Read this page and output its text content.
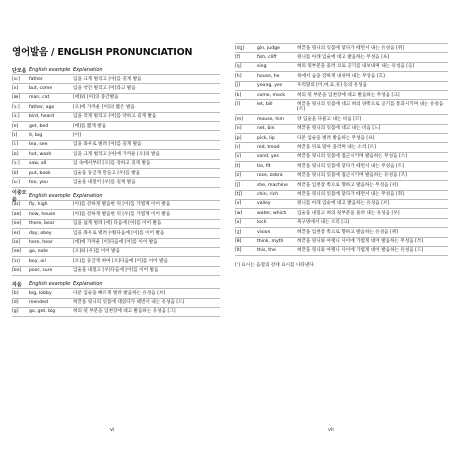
영어발음 / ENGLISH PRONUNCIATION
단모음 English example Explanation
[ɑː]	father	입을 크게 벌리고 [아]를 길게 발음
[ʌ]	but, come	입을 약간 벌리고 [어]라고 발음
[æ]	man, cat	[애]와 [아]의 중간발음
[ɔː]	father, ago	[으]에 가까운 [어]의 짧은 발음
[ɜː]	bird, heard	입을 작게 벌리고 [어]를 약하고 길게 발음
[e]	get, bed	[에]를 짧게 발음
[ɪ]	it, big	[이]
[iː]	tea, see	입을 좌우로 벌려 [이]를 길게 발음
[ɒ]	hot, wash	입을 크게 벌리고 [아]에 가까운 [오]의 발음
[ɔː]	saw, all	입 속에서부터 [오]를 강하고 길게 발음
[ʊ]	put, book	입술을 둥글게 만들고 [우]를 발음
[uː]	too, you	입술을 내밀어 [우]를 길게 발음
이중모음
English example Explanation
[aɪ]	fly, high	[아]를 강하게 발음한 뒤 [이]를 가볍게 이어 발음
[aʊ]	how, house	[아]를 강하게 발음한 뒤 [우]를 가볍게 이어 발음
[eə]	there, bear	입을 넓게 벌려 [에] 다음에 [어]를 이어 발음
[eɪ]	day, obey	입을 좌우로 벌려 [에]다음에 [이]를 이어 발음
[ɪə]	here, hear	[에]에 가까운 [이]다음에 [어]를 이어 발음
[əʊ]	go, note	[오]와 [우]를 이어 발음
[ɔɪ]	boy, oil	[오]를 둥글게 하여 [오]다음에 [이]를 이어 발음
[ʊə]	poor, sure	입술을 내밀고 [우]다음에 [어]를 이어 발음
자음	English example Explanation
[b]	big, lobby	다문 입술을 빠르게 벌려 발음하는 유성음 [브]
[d]	mended	혀끝을 윗니의 잇몸에 대었다가 떼면서 내는 유성음 [드]
[g]	go, get, big	혀의 뒷 부분을 입천장에 대고 발음하는 유성음 [그]
vi
[dʒ]	gin, judge	혀끝을 윗니의 잇몸에 닿다가 떼면서 내는 유성음 [쥐]
[f]	fish, cliff	윗니를 아래 입술에 대고 발음하는 무성음 [프]
[ŋ]	sing	혀의 뒷부분을 올려 코로 공기를 내보내며 내는 유성음 [응]
[h]	house, he	목에서 숨을 강하게 내쉬며 내는 무성음 [흐]
[j]	young, yes	우리말의 [이,여,요,유] 등의 유성음
[k]	come, mock	혀의 뒷 부분을 입천장에 대고 발음하는 무성음 [크]
[l]	let, bill	혀끝을 윗니의 잇몸에 대고 혀의 양쪽으로 공기를 통과시키며 내는 유성음 [르]
[m]	mouse, him	양 입술을 다물고 내는 비음 [므]
[n]	net, bin	혀끝을 윗니의 잇몸에 대고 내는 비음 [느]
[p]	pick, lip	다문 입술을 벌려 발음하는 무성음 [프]
[r]	red, tread	혀끝을 뒤로 말아 올리며 내는 소리 [르]
[s]	sand, yes	혀끝을 윗니의 잇몸에 접근시키며 발음하는 무성음 [스]
[t]	tie, fit	혀끝을 윗니의 잇몸에 닿다가 떼면서 내는 무성음 [트]
[z]	rose, zebra	혀끝을 윗니의 잇몸에 접근시키며 발음하는 유성음 [즈]
[ʃ]	she, machine	혀끝을 입천장 쪽으로 향하고 발음하는 무성음 [쉬]
[tʃ]	chin, rich	혀끝을 윗니의 잇몸에 닿다가 떼면서 내는 무성음 [취]
[v]	valley	윗니를 아래 입술에 대고 발음하는 유성음 [브]
[w]	water, which	입술을 내밀고 혀의 뒷부분을 올려 내는 유성음 [우]
[x]	loch	목구멍에서 내는 소리 [크]
[ʒ]	vision	혀끝을 입천장 쪽으로 향하고 발음하는 유성음 [쥐]
[θ]	think, myth	혀끝을 윗니와 아랫니 사이에 가볍게 대어 발음하는 무성음 [쓰]
[ð]	this, the	혀끝을 윗니와 아랫니 사이에 가볍게 대어 발음하는 유성음 [드]
[ˈ] 표시는 음절의 강세 표시를 나타낸다.
vii
